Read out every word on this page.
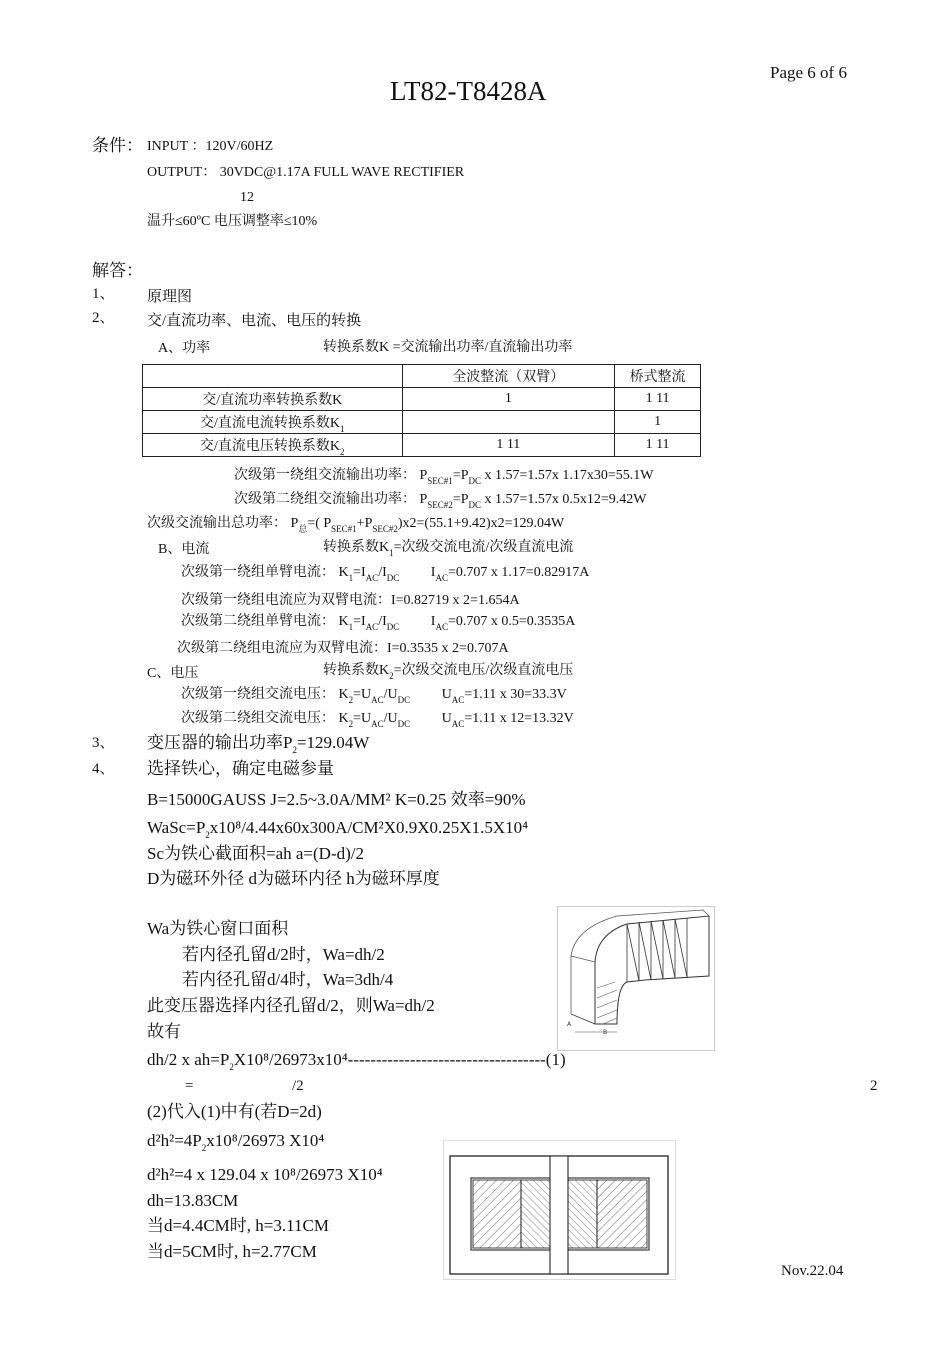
Page 6 of 6
LT82-T8428A
条件： INPUT ：120V/60HZ
OUTPUT： 30VDC@1.17A FULL WAVE RECTIFIER
12
温升≤60ºC 电压调整率≤10%
解答：
1、 原理图
2、 交/直流功率、电流、电压的转换
A、功率	转换系数K =交流输出功率/直流输出功率
	全波整流（双臂）	桥式整流
交/直流功率转换系数K	1	1 11
交/直流电流转换系数$K_1$		1
交/直流电压转换系数$K_2$	1 11	1 11
次级第一绕组交流输出功率： $P_{SEC\#1}=P_{DC}$ x 1.57=1.57x 1.17x30=55.1W
次级第二绕组交流输出功率： $P_{SEC\#2}=P_{DC}$ x 1.57=1.57x 0.5x12=9.42W
次级交流输出总功率： $P_总=$( $P_{SEC\#1}+P_{SEC\#2})x2=(55.1+9.42)x2=129.04W$
B、电流	转换系数$K_1=$次级交流电流/次级直流电流
次级第一绕组单臂电流： $K_1=I_{AC}/I_{DC}$         $I_{AC}=0.707$ x 1.17=0.82917A
次级第一绕组电流应为双臂电流：I=0.82719 x 2=1.654A
次级第二绕组单臂电流： $K_1=I_{AC}/I_{DC}$         $I_{AC}=0.707$ x 0.5=0.3535A
次级第二绕组电流应为双臂电流：I=0.3535 x 2=0.707A
C、电压	转换系数$K_2=$次级交流电压/次级直流电压
次级第一绕组交流电压： $K_2=U_{AC}/U_{DC}$         $U_{AC}=1.11$ x 30=33.3V
次级第二绕组交流电压： $K_2=U_{AC}/U_{DC}$         $U_{AC}=1.11$ x 12=13.32V
3、 变压器的输出功率$P_2=129.04W$
4、 选择铁心，确定电磁参量
B=15000GAUSS J=2.5~3.0A/MM² K=0.25 效率=90%
$WaSc=P_2x10^8/4.44x60x300A/CM^2X0.9X0.25X1.5X10^4$
Sc为铁心截面积=ah a=(D-d)/2
D为磁环外径 d为磁环内径 h为磁环厚度
Wa为铁心窗口面积
若内径孔留d/2时，Wa=dh/2
若内径孔留d/4时，Wa=3dh/4
此变压器选择内径孔留d/2，则Wa=dh/2
故有
dh/2 x $ah=P_2X10^8/26973x10^4-----------------------------------(1)$
=	/2	2
(2)代入(1)中有(若D=2d)
$d^2h^2=4P_2x10^8/26973$ X10⁴
d²h²=4 x 129.04 x 10⁸/26973 X10⁴
dh=13.83CM
当d=4.4CM时, h=3.11CM
当d=5CM时, h=2.77CM
Nov.22.04
B
A
